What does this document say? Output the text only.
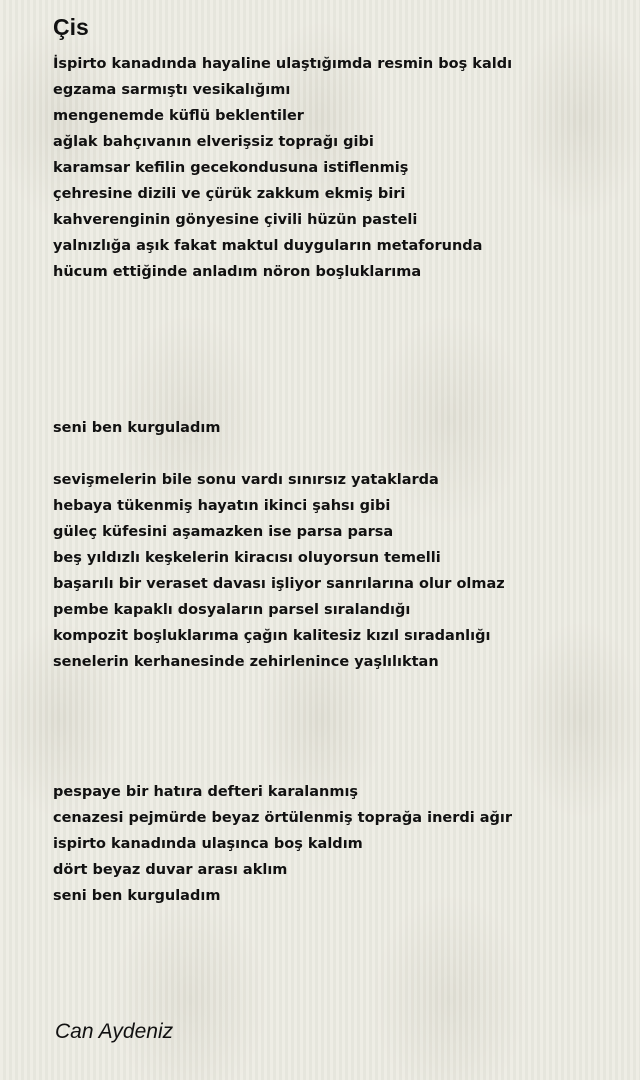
Çis
İspirto kanadında hayaline ulaştığımda resmin boş kaldı
egzama sarmıştı vesikalığımı
mengenemde küflü beklentiler
ağlak bahçıvanın elverişsiz toprağı gibi
karamsar kefilin gecekondusuna istiflenmiş
çehresine dizili ve çürük zakkum ekmiş biri
kahverenginin gönyesine çivili hüzün pasteli
yalnızlığa aşık fakat maktul duyguların metaforunda
hücum ettiğinde anladım nöron boşluklarıma
seni ben kurguladım
sevişmelerin bile sonu vardı sınırsız yataklarda
hebaya tükenmiş hayatın ikinci şahsı gibi
güleç küfesini aşamazken ise parsa parsa
beş yıldızlı keşkelerin kiracısı oluyorsun temelli
başarılı bir veraset davası işliyor sanrılarına olur olmaz
pembe kapaklı dosyaların parsel sıralandığı
kompozit boşluklarıma çağın kalitesiz kızıl sıradanlığı
senelerin kerhanesinde zehirlenince yaşlılıktan
pespaye bir hatıra defteri karalanmış
cenazesi pejmürde beyaz örtülenmiş toprağa inerdi ağır
ispirto kanadında ulaşınca boş kaldım
dört beyaz duvar arası aklım
seni ben kurguladım
Can Aydeniz
